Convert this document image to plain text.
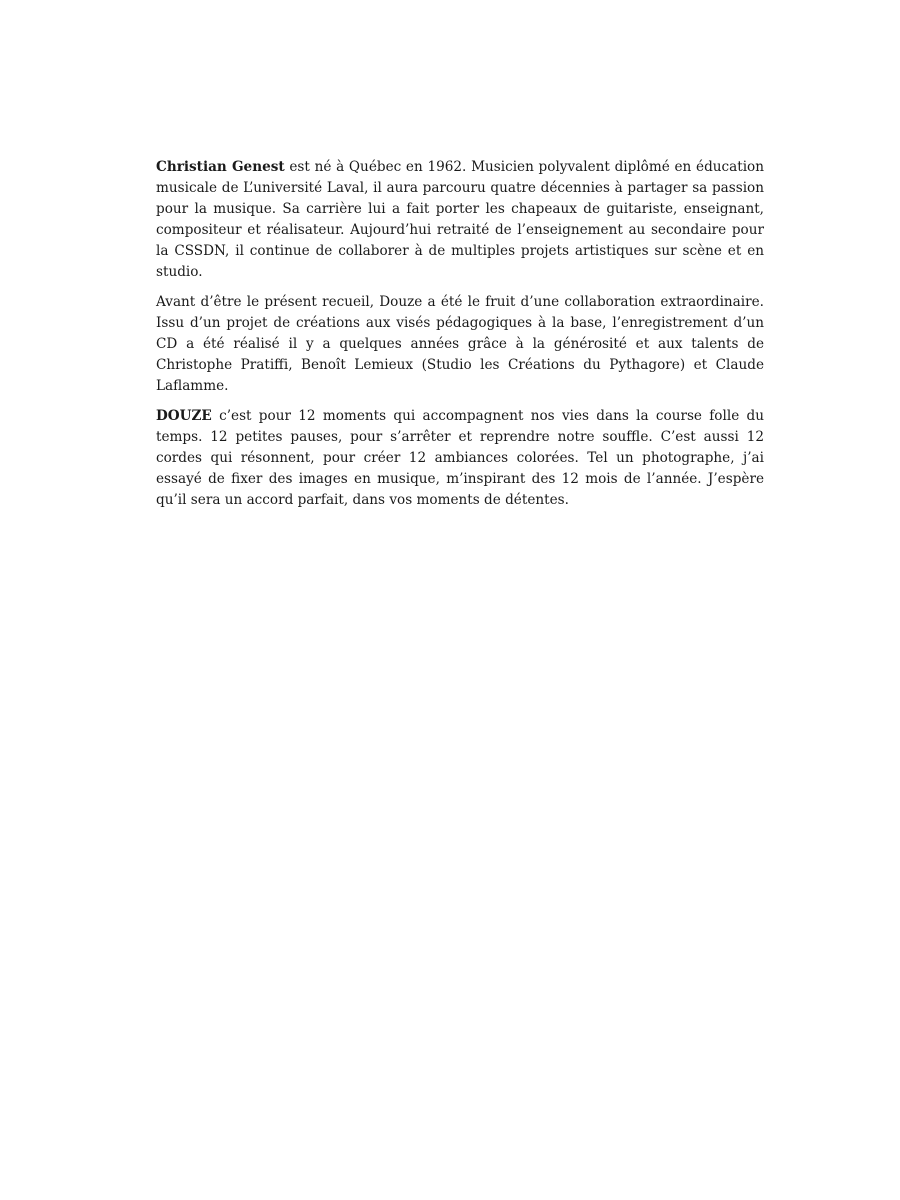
Christian Genest est né à Québec en 1962. Musicien polyvalent diplômé en éducation musicale de L’université Laval, il aura parcouru quatre décennies à partager sa passion pour la musique. Sa carrière lui a fait porter les chapeaux de guitariste, enseignant, compositeur et réalisateur. Aujourd’hui retraité de l’enseignement au secondaire pour la CSSDN, il continue de collaborer à de multiples projets artistiques sur scène et en studio.

Avant d’être le présent recueil, Douze a été le fruit d’une collaboration extraordinaire. Issu d’un projet de créations aux visés pédagogiques à la base, l’enregistrement d’un CD a été réalisé il y a quelques années grâce à la générosité et aux talents de Christophe Pratiffi, Benoît Lemieux (Studio les Créations du Pythagore) et Claude Laflamme.

DOUZE c’est pour 12 moments qui accompagnent nos vies dans la course folle du temps. 12 petites pauses, pour s’arrêter et reprendre notre souffle. C’est aussi 12 cordes qui résonnent, pour créer 12 ambiances colorées. Tel un photographe, j’ai essayé de fixer des images en musique, m’inspirant des 12 mois de l’année. J’espère qu’il sera un accord parfait, dans vos moments de détentes.
